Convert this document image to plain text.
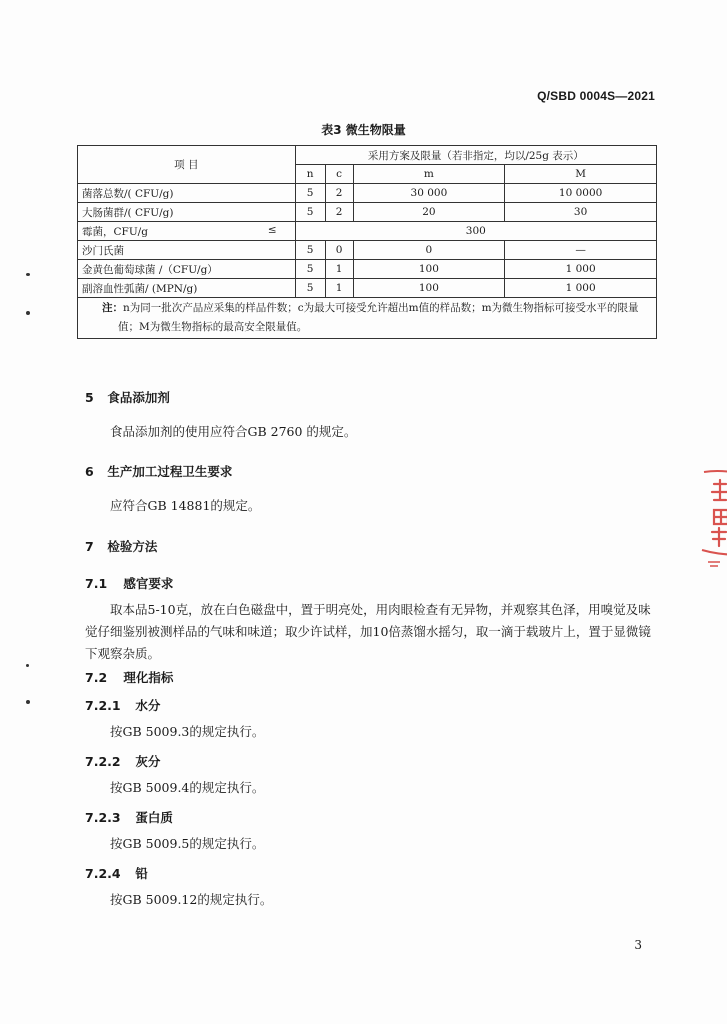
Q/SBD 0004S—2021
表3 微生物限量
项 目	采用方案及限量（若非指定，均以/25g 表示）			
	n	c	m	M
菌落总数/( CFU/g)	5	2	30 000	10 0000
大肠菌群/( CFU/g)	5	2	20	30
霉菌，CFU/g ≤	300			
沙门氏菌	5	0	0	—
金黄色葡萄球菌 /（CFU/g）	5	1	100	1 000
副溶血性弧菌/ (MPN/g)	5	1	100	1 000
注：n为同一批次产品应采集的样品件数；c为最大可接受允许超出m值的样品数；m为微生物指标可接受水平的限量值；M为微生物指标的最高安全限量值。				
5 食品添加剂
食品添加剂的使用应符合GB 2760 的规定。
6 生产加工过程卫生要求
应符合GB 14881的规定。
7 检验方法
7.1 感官要求
取本品5-10克，放在白色磁盘中，置于明亮处，用肉眼检查有无异物，并观察其色泽，用嗅觉及味觉仔细鉴别被测样品的气味和味道；取少许试样，加10倍蒸馏水摇匀，取一滴于载玻片上，置于显微镜下观察杂质。
7.2 理化指标
7.2.1 水分
按GB 5009.3的规定执行。
7.2.2 灰分
按GB 5009.4的规定执行。
7.2.3 蛋白质
按GB 5009.5的规定执行。
7.2.4 铅
按GB 5009.12的规定执行。
3
